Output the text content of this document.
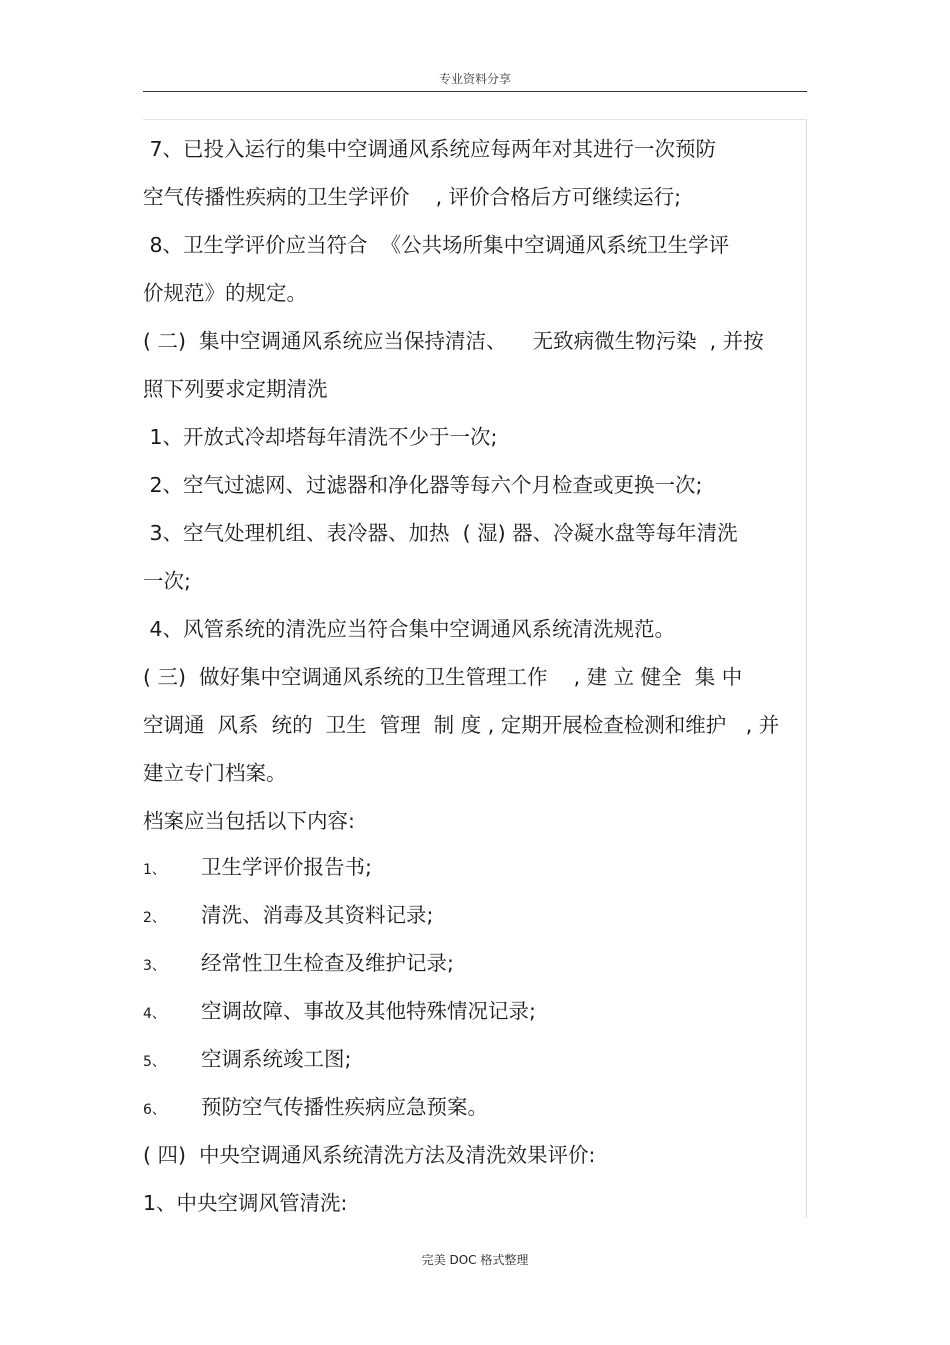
专业资料分享
7、已投入运行的集中空调通风系统应每两年对其进行一次预防
空气传播性疾病的卫生学评价    , 评价合格后方可继续运行;
8、卫生学评价应当符合  《公共场所集中空调通风系统卫生学评
价规范》的规定。
( 二)  集中空调通风系统应当保持清洁、    无致病微生物污染  , 并按
照下列要求定期清洗
1、开放式冷却塔每年清洗不少于一次;
2、空气过滤网、过滤器和净化器等每六个月检查或更换一次;
3、空气处理机组、表冷器、加热  ( 湿) 器、冷凝水盘等每年清洗
一次;
4、风管系统的清洗应当符合集中空调通风系统清洗规范。
( 三)  做好集中空调通风系统的卫生管理工作    , 建 立 健全  集 中
空调通  风系  统的  卫生  管理  制 度 , 定期开展检查检测和维护   , 并
建立专门档案。
档案应当包括以下内容:
1、 卫生学评价报告书;
2、 清洗、消毒及其资料记录;
3、 经常性卫生检查及维护记录;
4、 空调故障、事故及其他特殊情况记录;
5、 空调系统竣工图;
6、 预防空气传播性疾病应急预案。
( 四)  中央空调通风系统清洗方法及清洗效果评价:
1、中央空调风管清洗:
完美 DOC 格式整理
